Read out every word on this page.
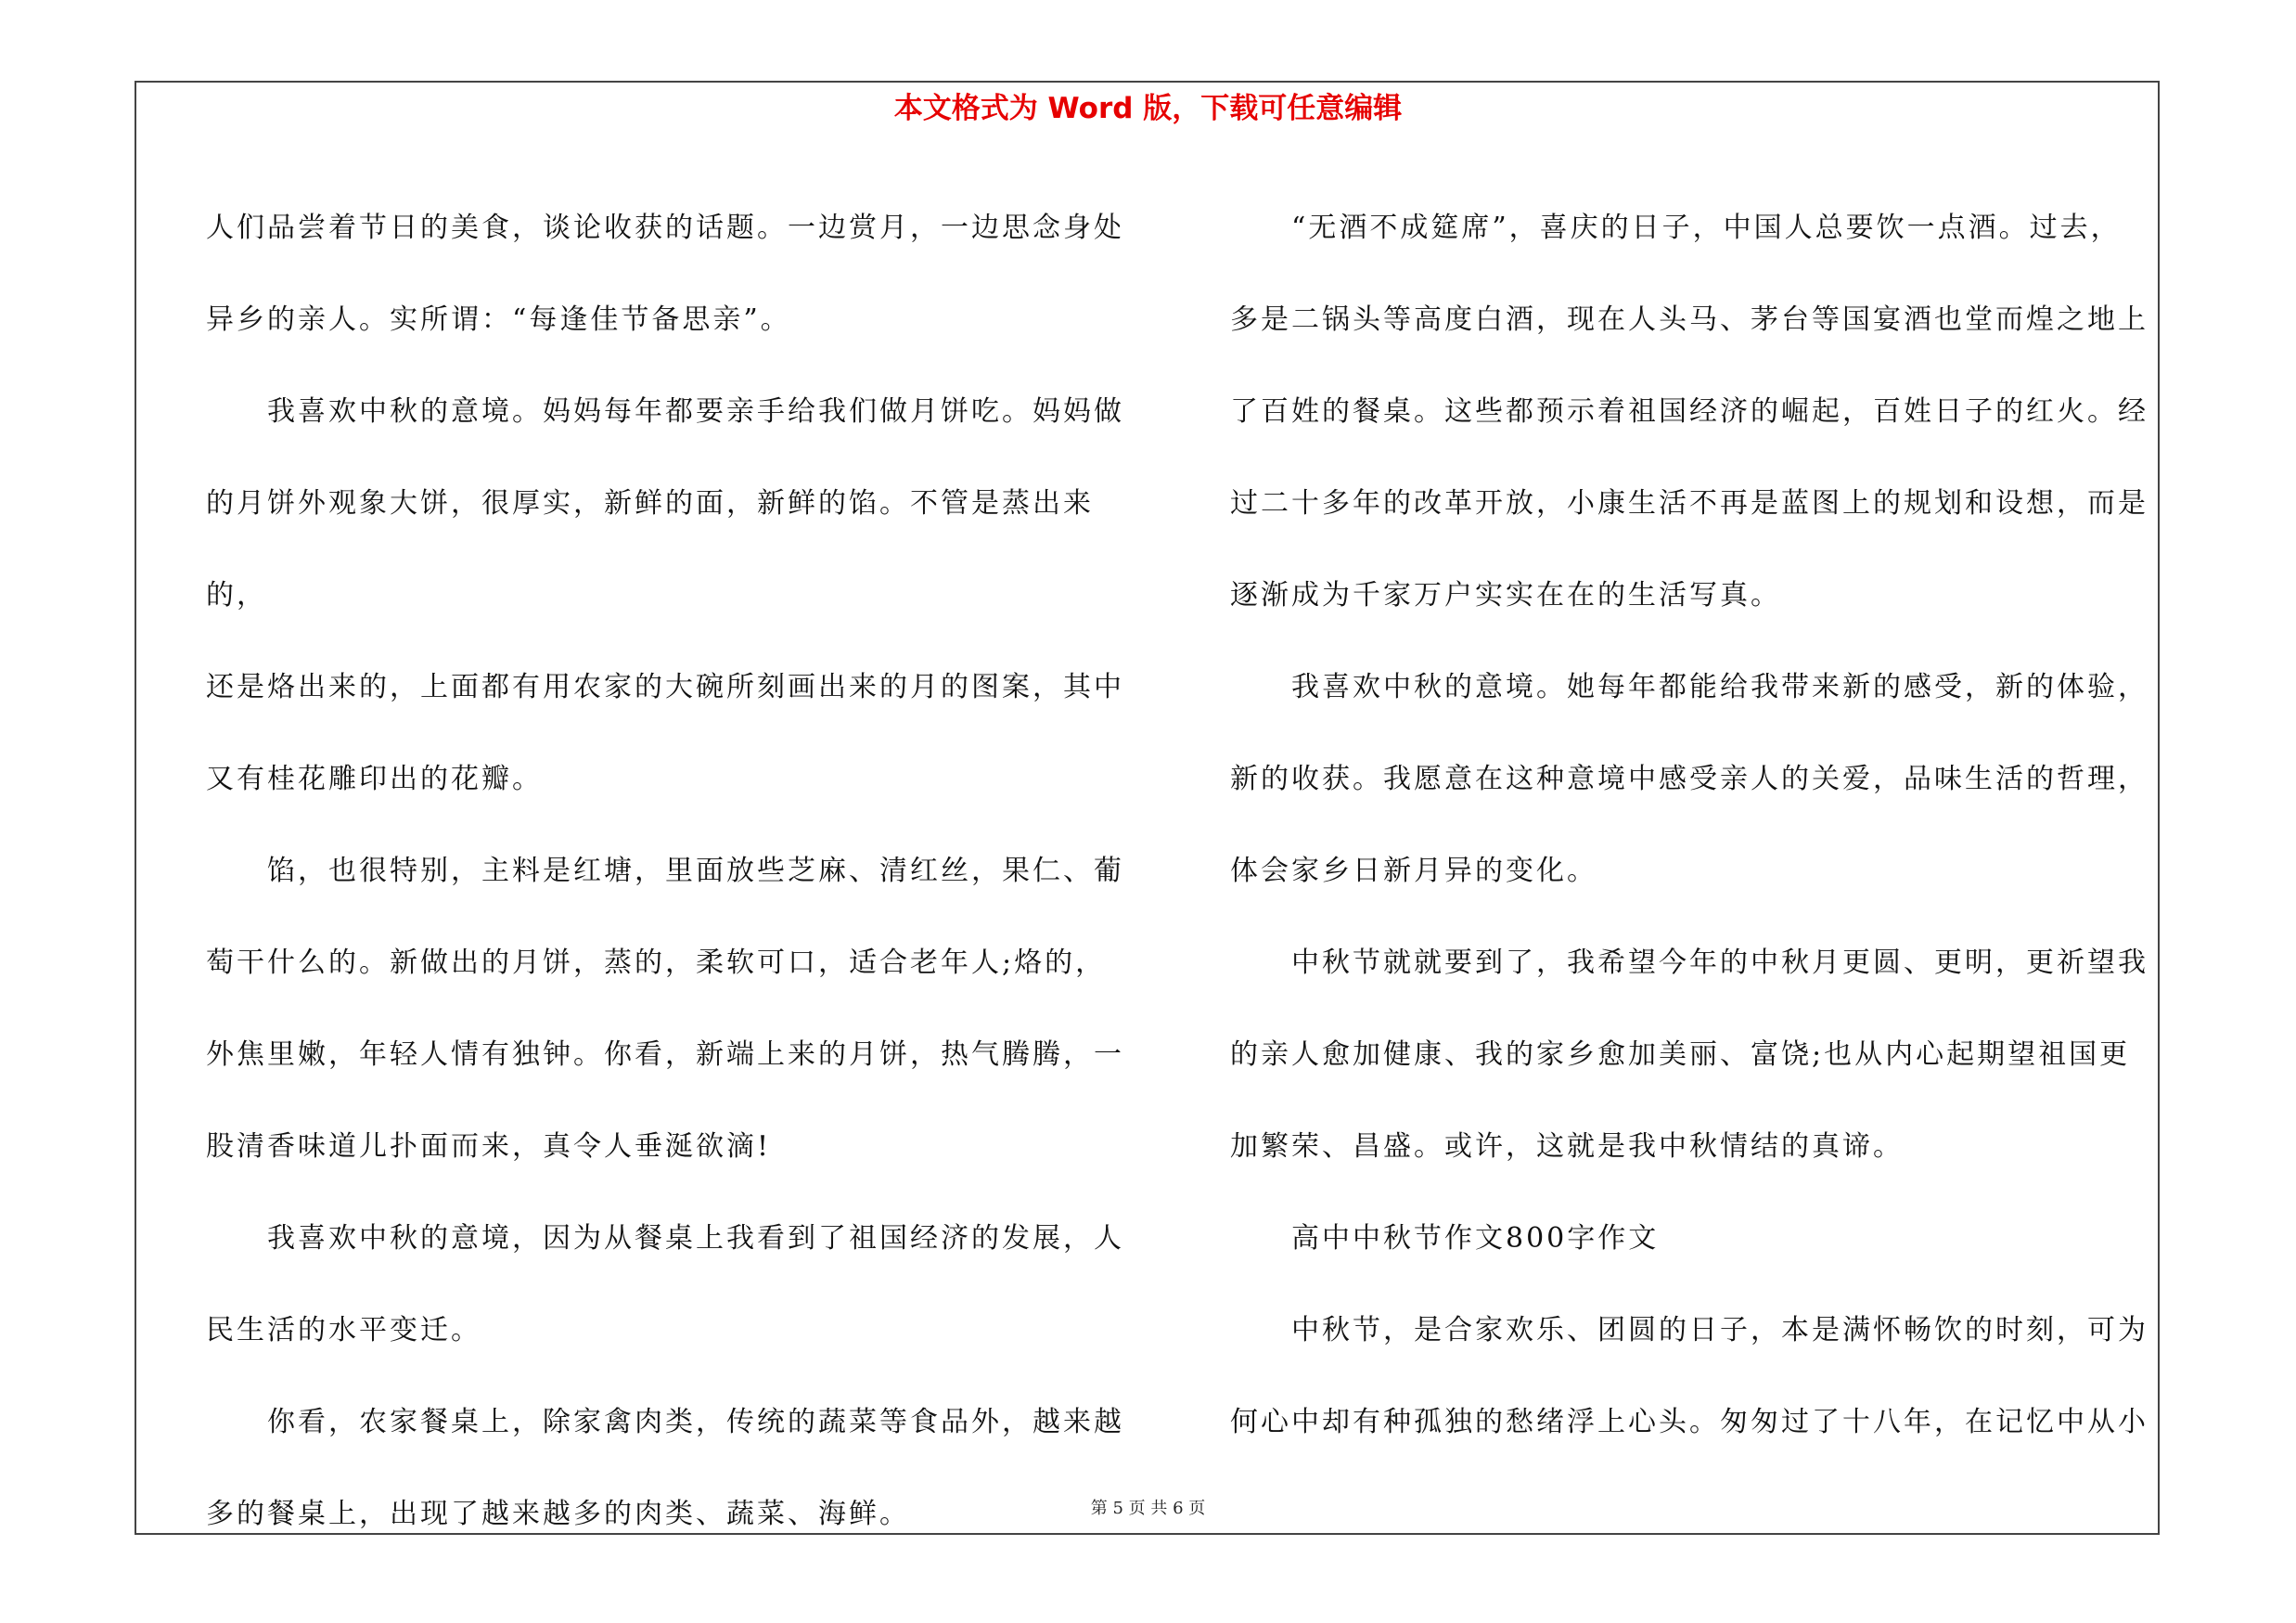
本文格式为 Word 版，下载可任意编辑

人们品尝着节日的美食，谈论收获的话题。一边赏月，一边思念身处
异乡的亲人。实所谓：“每逢佳节备思亲”。

我喜欢中秋的意境。妈妈每年都要亲手给我们做月饼吃。妈妈做
的月饼外观象大饼，很厚实，新鲜的面，新鲜的馅。不管是蒸出来的，
还是烙出来的，上面都有用农家的大碗所刻画出来的月的图案，其中
又有桂花雕印出的花瓣。

馅，也很特别，主料是红塘，里面放些芝麻、清红丝，果仁、葡
萄干什么的。新做出的月饼，蒸的，柔软可口，适合老年人;烙的，
外焦里嫩，年轻人情有独钟。你看，新端上来的月饼，热气腾腾，一
股清香味道儿扑面而来，真令人垂涎欲滴!

我喜欢中秋的意境，因为从餐桌上我看到了祖国经济的发展，人
民生活的水平变迁。

你看，农家餐桌上，除家禽肉类，传统的蔬菜等食品外，越来越
多的餐桌上，出现了越来越多的肉类、蔬菜、海鲜。

“无酒不成筵席”，喜庆的日子，中国人总要饮一点酒。过去，
多是二锅头等高度白酒，现在人头马、茅台等国宴酒也堂而煌之地上
了百姓的餐桌。这些都预示着祖国经济的崛起，百姓日子的红火。经
过二十多年的改革开放，小康生活不再是蓝图上的规划和设想，而是
逐渐成为千家万户实实在在的生活写真。

我喜欢中秋的意境。她每年都能给我带来新的感受，新的体验，
新的收获。我愿意在这种意境中感受亲人的关爱，品味生活的哲理，
体会家乡日新月异的变化。

中秋节就就要到了，我希望今年的中秋月更圆、更明，更祈望我
的亲人愈加健康、我的家乡愈加美丽、富饶;也从内心起期望祖国更
加繁荣、昌盛。或许，这就是我中秋情结的真谛。

高中中秋节作文800字作文

中秋节，是合家欢乐、团圆的日子，本是满怀畅饮的时刻，可为
何心中却有种孤独的愁绪浮上心头。匆匆过了十八年，在记忆中从小

第 5 页 共 6 页
